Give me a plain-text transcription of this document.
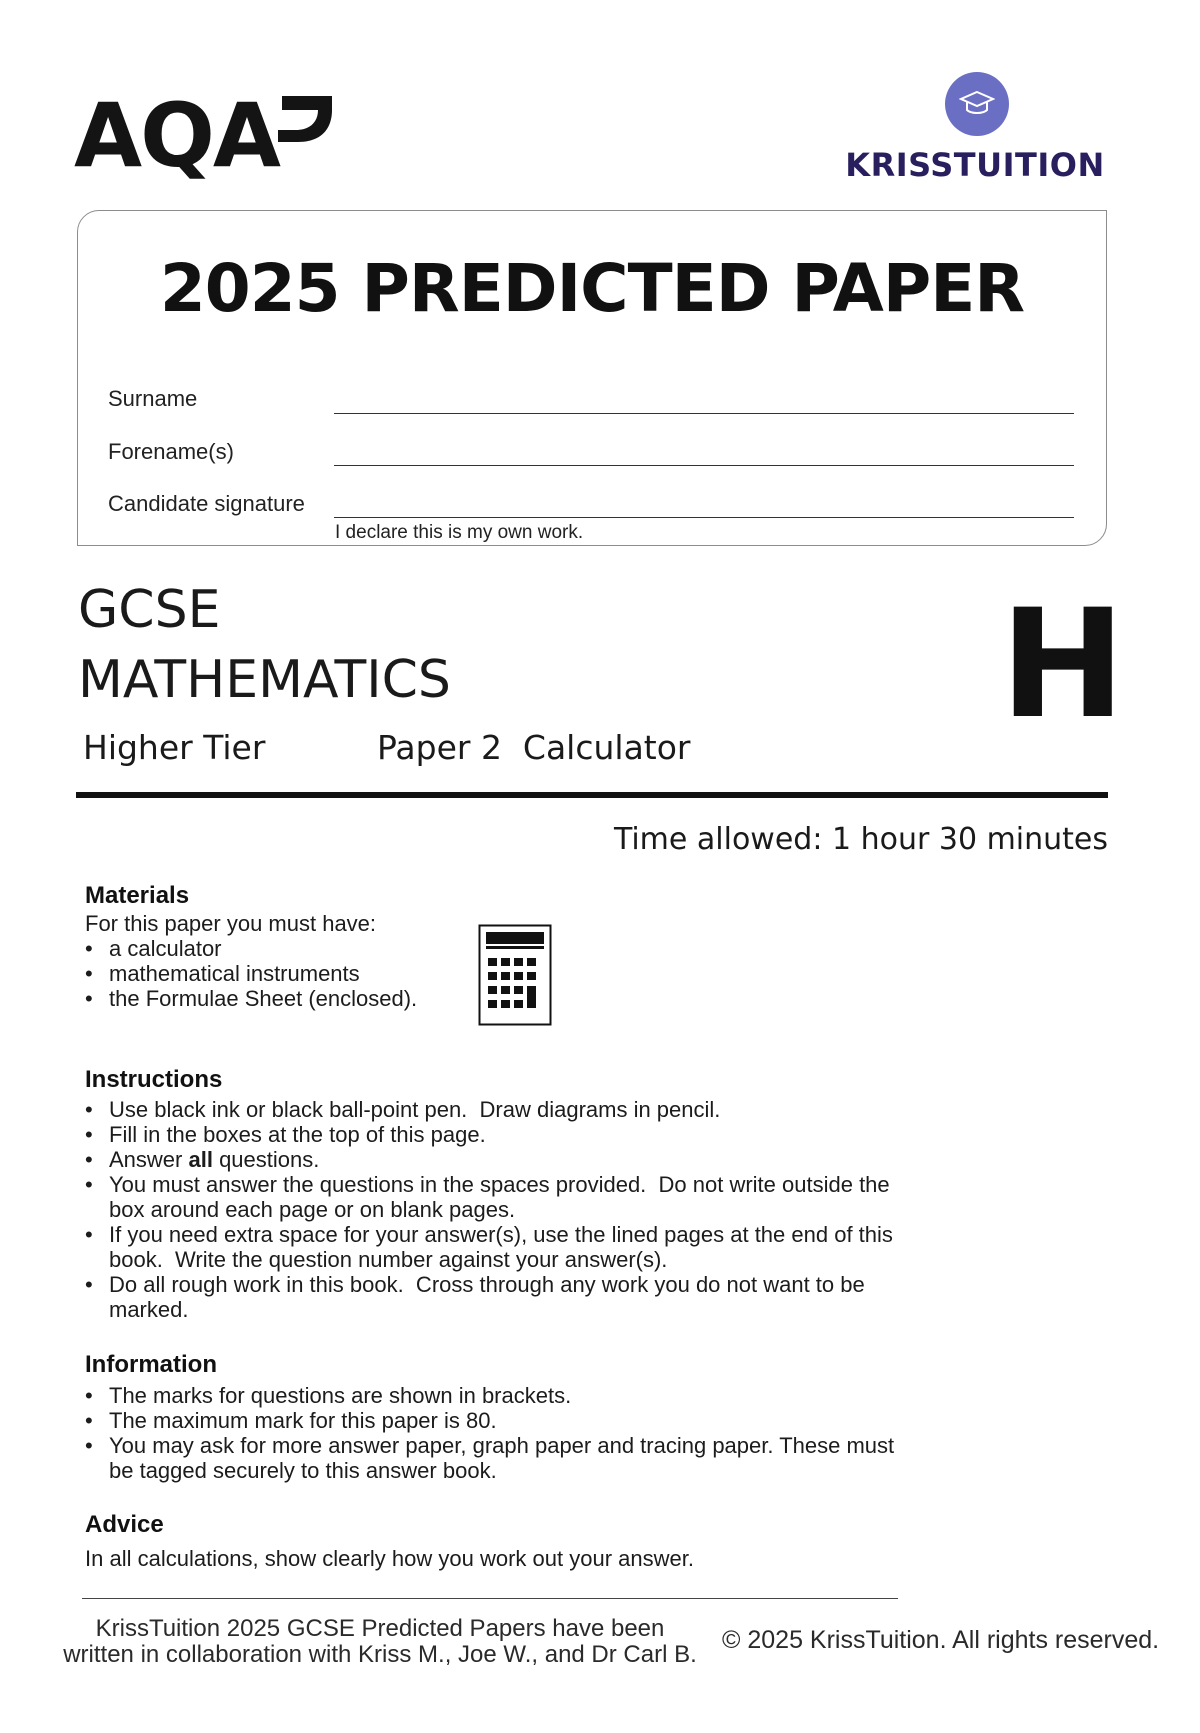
AQA	KRISSTUITION
2025 PREDICTED PAPER
Surname
Forename(s)
Candidate signature
I declare this is my own work.
GCSE
MATHEMATICS
Higher Tier	Paper 2  Calculator H
Time allowed: 1 hour 30 minutes
Materials
For this paper you must have:
• a calculator
• mathematical instruments
• the Formulae Sheet (enclosed).
Instructions
• Use black ink or black ball-point pen.  Draw diagrams in pencil.
• Fill in the boxes at the top of this page.
• Answer all questions.
• You must answer the questions in the spaces provided.  Do not write outside the box around each page or on blank pages.
• If you need extra space for your answer(s), use the lined pages at the end of this book.  Write the question number against your answer(s).
• Do all rough work in this book.  Cross through any work you do not want to be marked.
Information
• The marks for questions are shown in brackets.
• The maximum mark for this paper is 80.
• You may ask for more answer paper, graph paper and tracing paper. These must be tagged securely to this answer book.
Advice
In all calculations, show clearly how you work out your answer.
KrissTuition 2025 GCSE Predicted Papers have been
written in collaboration with Kriss M., Joe W., and Dr Carl B.
© 2025 KrissTuition. All rights reserved.
